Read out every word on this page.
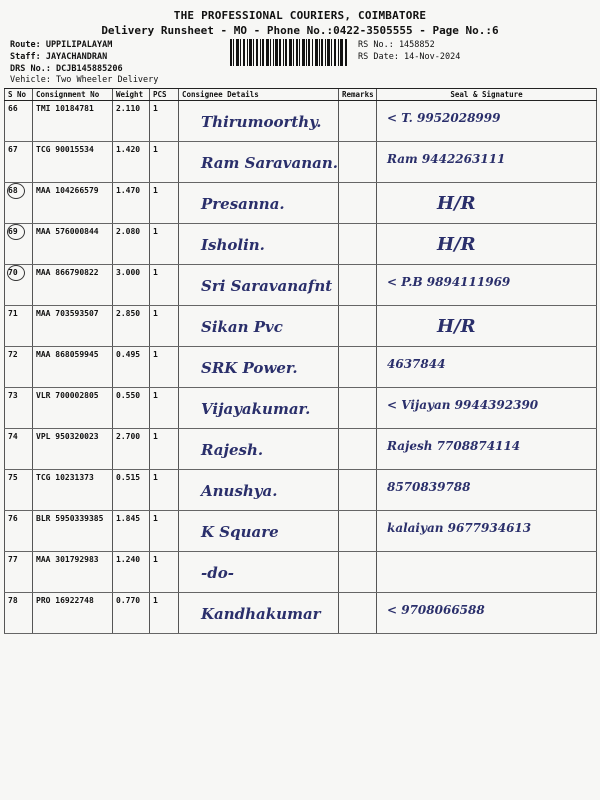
THE PROFESSIONAL COURIERS, COIMBATORE
Delivery Runsheet - MO - Phone No.:0422-3505555 - Page No.:6
Route: UPPILIPALAYAM
Staff: JAYACHANDRAN
DRS No.: DCJB145885206
Vehicle: Two Wheeler Delivery
RS No.: 1458852
RS Date: 14-Nov-2024
S No	Consignment No	Weight	PCS	Consignee Details	Remarks	Seal & Signature
66	TMI 10184781	2.110	1	Thirumoorthy.		< T. 9952028999

67	TCG 90015534	1.420	1	Ram Saravanan.		Ram 9442263111

68	MAA 104266579	1.470	1	Presanna.		H/R

69	MAA 576000844	2.080	1	Isholin.		H/R

70	MAA 866790822	3.000	1	Sri Saravanafnt		< P.B 9894111969

71	MAA 703593507	2.850	1	Sikan Pvc		H/R

72	MAA 868059945	0.495	1	SRK Power.		4637844

73	VLR 700002805	0.550	1	Vijayakumar.		< Vijayan 9944392390

74	VPL 950320023	2.700	1	Rajesh.		Rajesh 7708874114

75	TCG 10231373	0.515	1	Anushya.		8570839788

76	BLR 5950339385	1.845	1	K Square		kalaiyan 9677934613

77	MAA 301792983	1.240	1	-do-		

78	PRO 16922748	0.770	1	Kandhakumar		< 9708066588
